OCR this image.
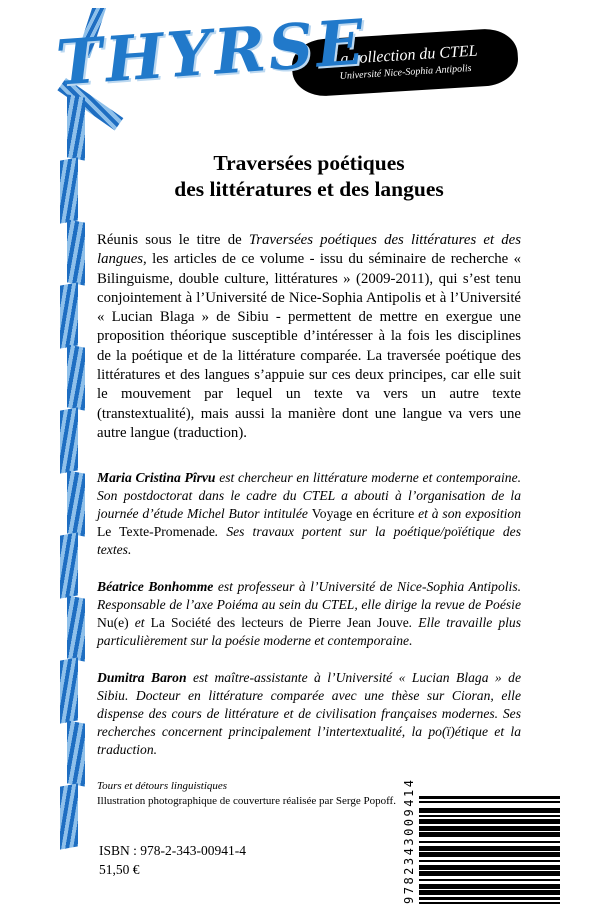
THYRSE
La collection du CTEL
Université Nice-Sophia Antipolis
Traversées poétiques
des littératures et des langues

Réunis sous le titre de Traversées poétiques des littératures et des langues, les articles de ce volume - issu du séminaire de recherche « Bilinguisme, double culture, littératures » (2009-2011), qui s’est tenu conjointement à l’Université de Nice-Sophia Antipolis et à l’Université « Lucian Blaga » de Sibiu - permettent de mettre en exergue une proposition théorique susceptible d’intéresser à la fois les disciplines de la poétique et de la littérature comparée. La traversée poétique des littératures et des langues s’appuie sur ces deux principes, car elle suit le mouvement par lequel un texte va vers un autre texte (transtextualité), mais aussi la manière dont une langue va vers une autre langue (traduction).

Maria Cristina Pîrvu est chercheur en littérature moderne et contemporaine. Son postdoctorat dans le cadre du CTEL a abouti à l’organisation de la journée d’étude Michel Butor intitulée Voyage en écriture et à son exposition Le Texte-Promenade. Ses travaux portent sur la poétique/poïétique des textes.

Béatrice Bonhomme est professeur à l’Université de Nice-Sophia Antipolis. Responsable de l’axe Poiéma au sein du CTEL, elle dirige la revue de Poésie Nu(e) et La Société des lecteurs de Pierre Jean Jouve. Elle travaille plus particulièrement sur la poésie moderne et contemporaine.

Dumitra Baron est maître-assistante à l’Université « Lucian Blaga » de Sibiu. Docteur en littérature comparée avec une thèse sur Cioran, elle dispense des cours de littérature et de civilisation françaises modernes. Ses recherches concernent principalement l’intertextualité, la po(ï)étique et la traduction.

Tours et détours linguistiques
Illustration photographique de couverture réalisée par Serge Popoff.
ISBN : 978-2-343-00941-4
51,50 €	9782343009414
